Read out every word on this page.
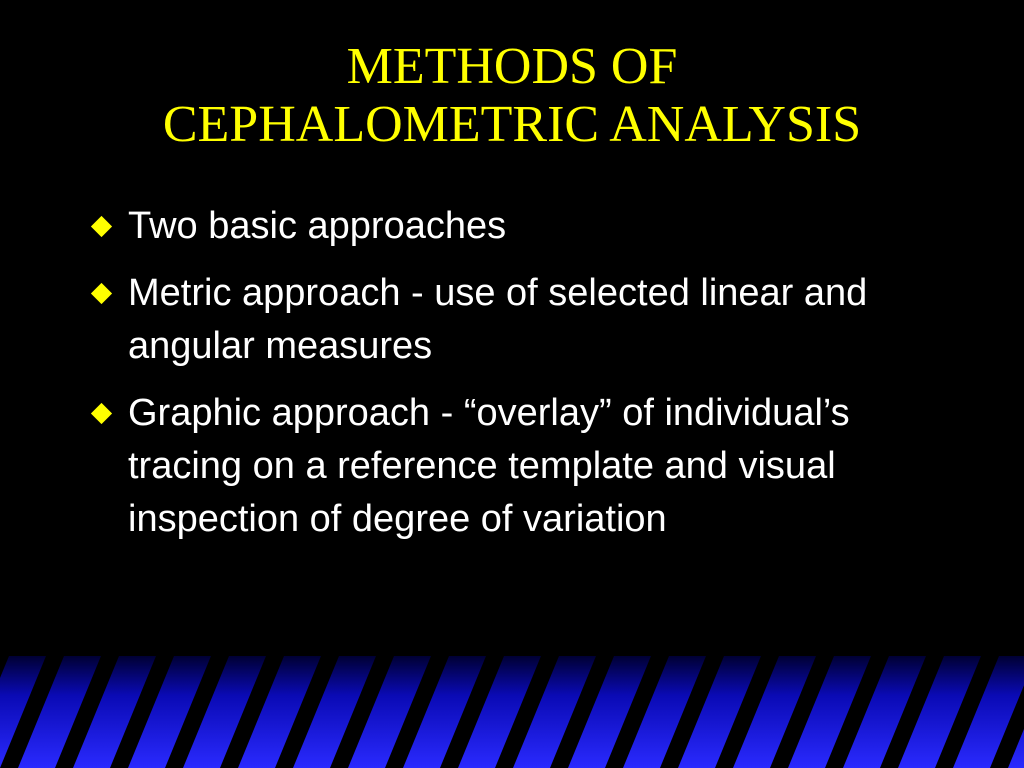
METHODS OF
CEPHALOMETRIC ANALYSIS
Two basic approaches
Metric approach - use of selected linear and angular measures
Graphic approach - “overlay” of individual’s tracing on a reference template and visual inspection of degree of variation
